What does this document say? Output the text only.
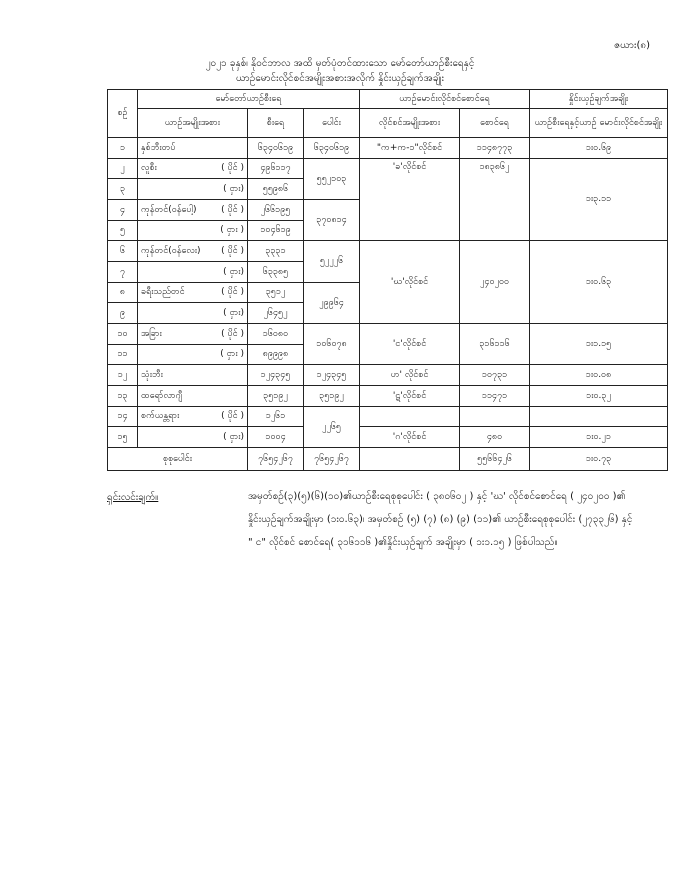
ဇယား(၈)
၂၀၂၁ ခုနှစ်၊ နိုဝင်ဘာလ အထိ မှတ်ပုံတင်ထားသော မော်တော်ယာဉ်စီးရေနှင့်
ယာဉ်မောင်းလိုင်စင်အမျိုးအစားအလိုက် နှိုင်းယှဉ်ချက်အချိုး
စဉ်	မော်တော်ယာဉ်စီးရေ			ယာဉ်မောင်းလိုင်စင်စောင်ရေ		နှိုင်းယှဉ်ချက်အချိုး
	ယာဉ်အမျိုးအစား	စီးရေ	ပေါင်း	လိုင်စင်အမျိုးအစား	စောင်ရေ	ယာဉ်စီးရေနှင့်ယာဉ် မောင်းလိုင်စင်အချိုး
၁	နှစ်ဘီးတပ်	၆၃၄၀၆၁၉	၆၃၄၀၆၁၉	"က+က-၁"လိုင်စင်	၁၁၄၈၇၇၃	၁း၀.၆၉
၂	လူစီး ( ပိုင် )	၄၉၆၁၁၇	၅၅၂၁၀၃	'ခ'လိုင်စင်	၁၈၃၈၆၂	၁း၃.၁၁
၃	( ငှား)	၅၅၉၈၆				
၄	ကုန်တင်(ဝန်ပေါ့) ( ပိုင် )	၂၆၆၁၉၅	၃၇၀၈၁၄			
၅	( ငှား )	၁၀၄၆၁၉				
၆	ကုန်တင်(ဝန်လေး) ( ပိုင် )	၃၃၃၁	၅၂၂၂၆	'ဃ'လိုင်စင်	၂၄၀၂၀၀	၁း၀.၆၃
၇	( ငှား)	၆၃၃၈၅				
၈	ခရီးသည်တင် ( ပိုင် )	၃၅၁၂	၂၉၉၆၄			
၉	( ငှား)	၂၆၄၅၂				
၁၀	အခြား ( ပိုင် )	၁၆၀၈၀	၁၀၆၀၇၈	'င'လိုင်စင်	၃၁၆၁၁၆	၁း၁.၁၅
၁၁	( ငှား )	၈၉၉၉၈				
၁၂	သုံးဘီး	၁၂၄၃၄၅	၁၂၄၃၄၅	ဟ' လိုင်စင်	၁၀၇၃၁	၁း၀.၀၈
၁၃	ထရော်လာဂျီ	၃၅၁၉၂	၃၅၁၉၂	'ဋ'လိုင်စင်	၁၁၄၇၁	၁း၀.၃၂
၁၄	စက်ယန္တရား ( ပိုင် )	၁၂၆၁	၂၂၆၅			
၁၅	( ငှား)	၁၀၀၄		'ဂ'လိုင်စင်	၄၈၀	၁း၀.၂၁
စုစုပေါင်း		၇၆၅၄၂၆၇	၇၆၅၄၂၆၇		၅၅၆၆၄၂၆	၁း၀.၇၃
ရှင်းလင်းချက်။	အမှတ်စဉ်(၃)(၅)(၆)(၁၀)၏ယာဉ်စီးရေစုစုပေါင်း ( ၃၈၀၆၀၂ ) နှင့် 'ဃ' လိုင်စင်စောင်ရေ ( ၂၄၀၂၀၀ )၏ နှိုင်းယှဉ်ချက်အချိုးမှာ (၁း၀.၆၃)၊ အမှတ်စဉ် (၅) (၇) (၈) (၉) (၁၁)၏ ယာဉ်စီးရေစုစုပေါင်း (၂၇၃၃၂၆) နှင့် " င" လိုင်စင် စောင်ရေ( ၃၁၆၁၁၆ )၏နှိုင်းယှဉ်ချက် အချိုးမှာ ( ၁း၁.၁၅ ) ဖြစ်ပါသည်။
